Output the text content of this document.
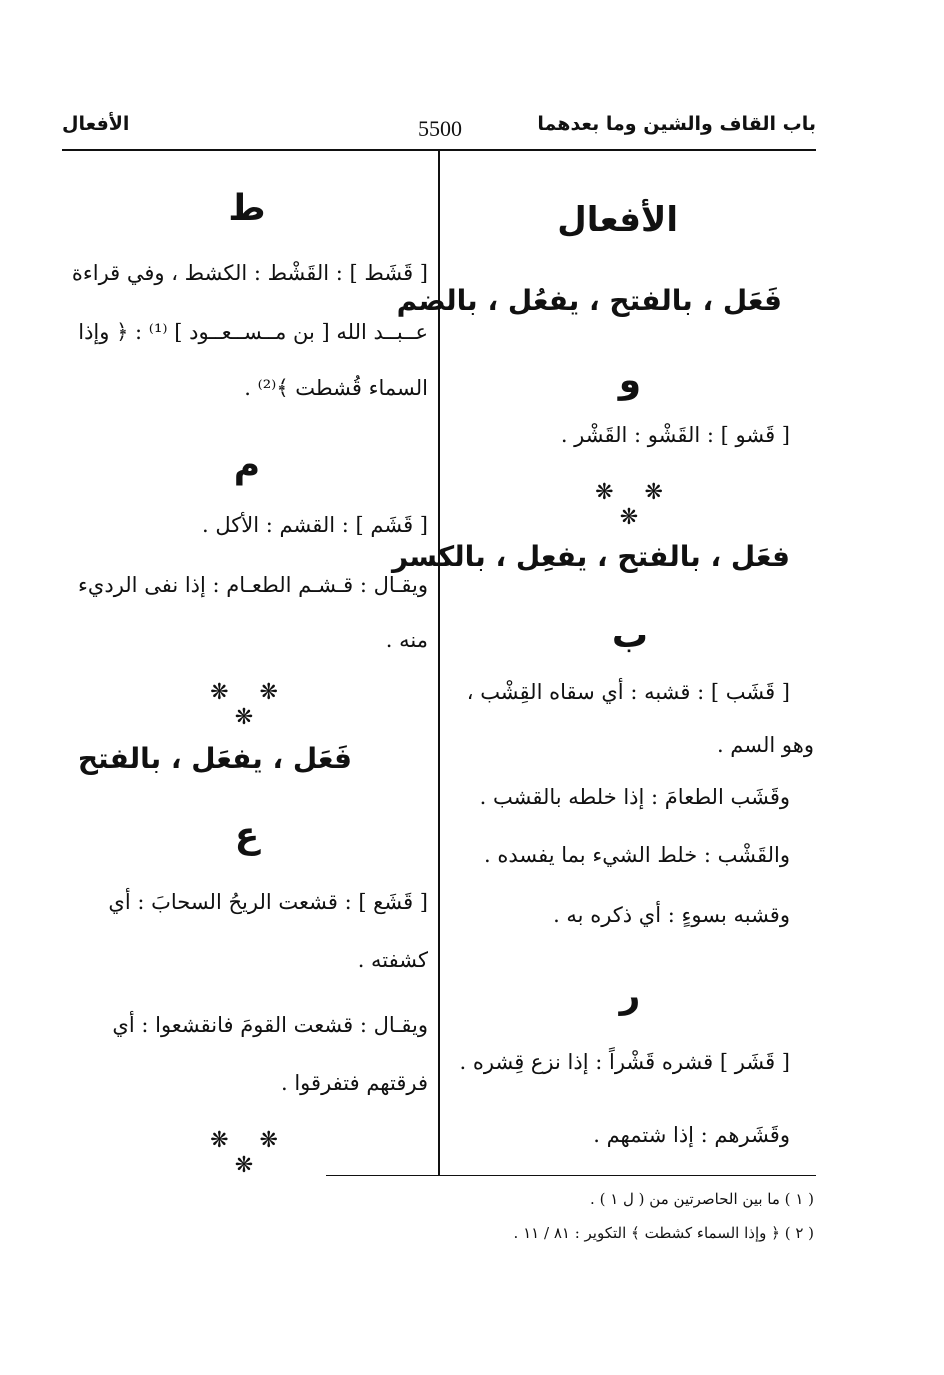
باب القاف والشين وما بعدهما
5500
الأفعال
الأفعال
فَعَل ، بالفتح ، يفعُل ، بالضم
و
[ قَشو ] : القَشْو : القَشْر .
❋ ❋ ❋
فعَل ، بالفتح ، يفعِل ، بالكسر
ب
[ قَشَب ] : قشبه : أي سقاه القِشْب ،
وهو السم .
وقَشَب الطعامَ : إذا خلطه بالقشب .
والقَشْب : خلط الشيء بما يفسده .
وقشبه بسوءٍ : أي ذكره به .
ر
[ قَشَر ] قشره قَشْراً : إذا نزع قِشره .
وقَشَرهم : إذا شتمهم .
ط
[ قَشَط ] : القَشْط : الكشط ، وفي قراءة
عــبــد الله [ بن مــســعــود ] ⁽¹⁾ : ﴿ وإذا
السماء قُشطت ﴾⁽²⁾ .
م
[ قَشَم ] : القشم : الأكل .
ويقـال : قـشـم الطعـام : إذا نفى الرديء
منه .
❋ ❋ ❋
فَعَل ، يفعَل ، بالفتح
ع
[ قَشَع ] : قشعت الريحُ السحابَ : أي
كشفته .
ويقـال : قشعت القومَ فانقشعوا : أي
فرقتهم فتفرقوا .
❋ ❋ ❋
( ١ ) ما بين الحاصرتين من ( ل ١ ) .
( ٢ ) ﴿ وإذا السماء كشطت ﴾ التكوير : ٨١ / ١١ .
